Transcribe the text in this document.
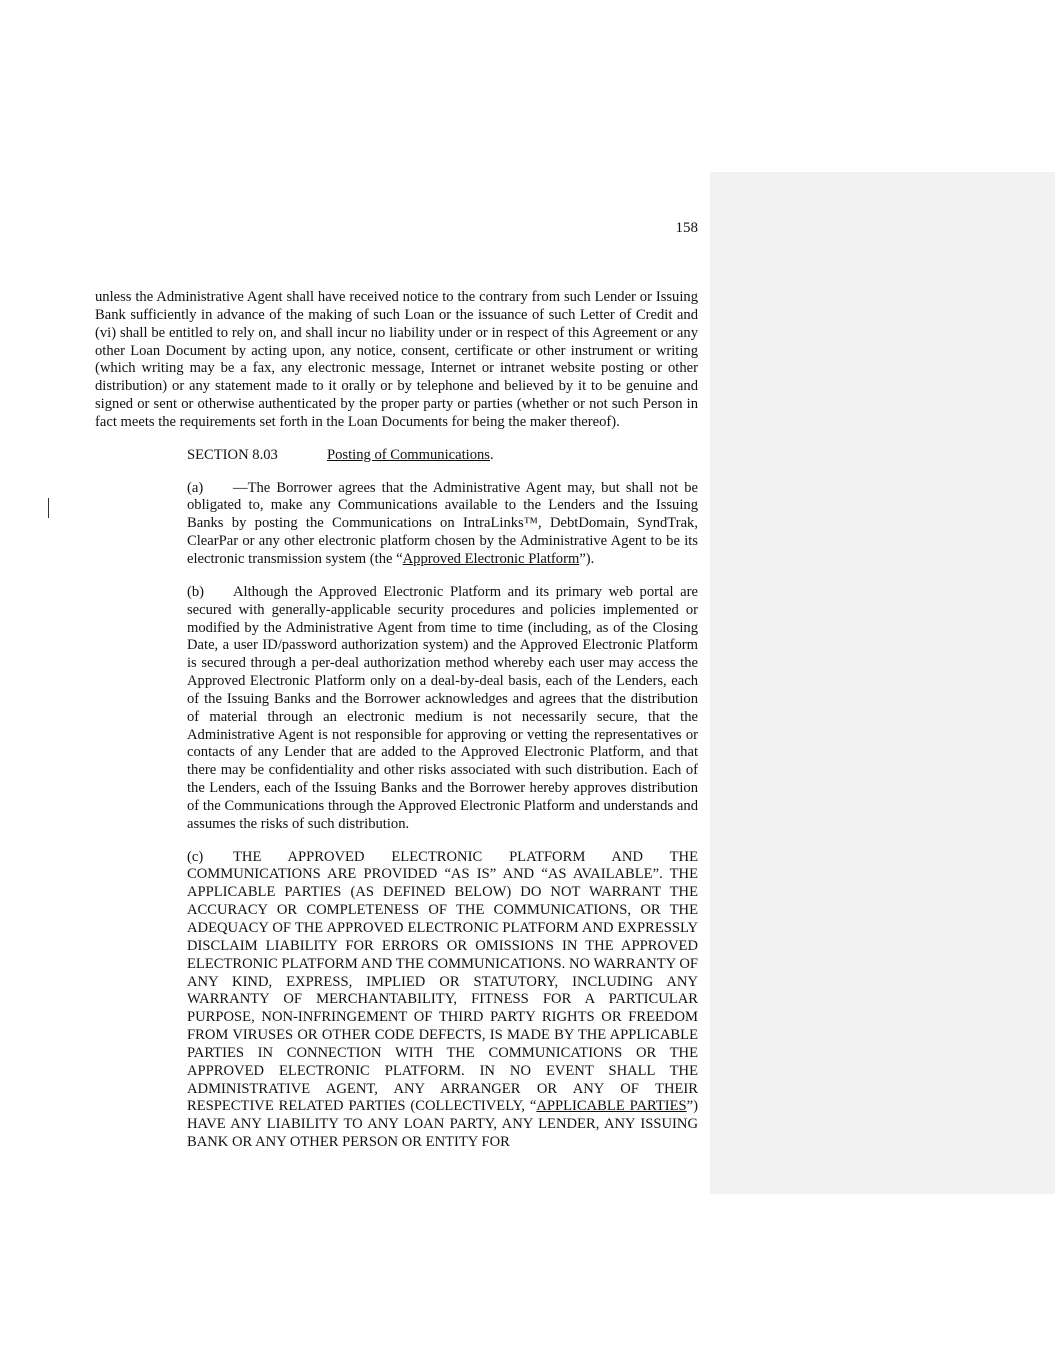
158

unless the Administrative Agent shall have received notice to the contrary from such Lender or Issuing Bank sufficiently in advance of the making of such Loan or the issuance of such Letter of Credit and (vi) shall be entitled to rely on, and shall incur no liability under or in respect of this Agreement or any other Loan Document by acting upon, any notice, consent, certificate or other instrument or writing (which writing may be a fax, any electronic message, Internet or intranet website posting or other distribution) or any statement made to it orally or by telephone and believed by it to be genuine and signed or sent or otherwise authenticated by the proper party or parties (whether or not such Person in fact meets the requirements set forth in the Loan Documents for being the maker thereof).

SECTION 8.03	Posting of Communications.

(a) —The Borrower agrees that the Administrative Agent may, but shall not be obligated to, make any Communications available to the Lenders and the Issuing Banks by posting the Communications on IntraLinks™, DebtDomain, SyndTrak, ClearPar or any other electronic platform chosen by the Administrative Agent to be its electronic transmission system (the “Approved Electronic Platform”).

(b) Although the Approved Electronic Platform and its primary web portal are secured with generally-applicable security procedures and policies implemented or modified by the Administrative Agent from time to time (including, as of the Closing Date, a user ID/password authorization system) and the Approved Electronic Platform is secured through a per-deal authorization method whereby each user may access the Approved Electronic Platform only on a deal-by-deal basis, each of the Lenders, each of the Issuing Banks and the Borrower acknowledges and agrees that the distribution of material through an electronic medium is not necessarily secure, that the Administrative Agent is not responsible for approving or vetting the representatives or contacts of any Lender that are added to the Approved Electronic Platform, and that there may be confidentiality and other risks associated with such distribution. Each of the Lenders, each of the Issuing Banks and the Borrower hereby approves distribution of the Communications through the Approved Electronic Platform and understands and assumes the risks of such distribution.

(c) THE APPROVED ELECTRONIC PLATFORM AND THE COMMUNICATIONS ARE PROVIDED “AS IS” AND “AS AVAILABLE”. THE APPLICABLE PARTIES (AS DEFINED BELOW) DO NOT WARRANT THE ACCURACY OR COMPLETENESS OF THE COMMUNICATIONS, OR THE ADEQUACY OF THE APPROVED ELECTRONIC PLATFORM AND EXPRESSLY DISCLAIM LIABILITY FOR ERRORS OR OMISSIONS IN THE APPROVED ELECTRONIC PLATFORM AND THE COMMUNICATIONS. NO WARRANTY OF ANY KIND, EXPRESS, IMPLIED OR STATUTORY, INCLUDING ANY WARRANTY OF MERCHANTABILITY, FITNESS FOR A PARTICULAR PURPOSE, NON-INFRINGEMENT OF THIRD PARTY RIGHTS OR FREEDOM FROM VIRUSES OR OTHER CODE DEFECTS, IS MADE BY THE APPLICABLE PARTIES IN CONNECTION WITH THE COMMUNICATIONS OR THE APPROVED ELECTRONIC PLATFORM. IN NO EVENT SHALL THE ADMINISTRATIVE AGENT, ANY ARRANGER OR ANY OF THEIR RESPECTIVE RELATED PARTIES (COLLECTIVELY, “APPLICABLE PARTIES”) HAVE ANY LIABILITY TO ANY LOAN PARTY, ANY LENDER, ANY ISSUING BANK OR ANY OTHER PERSON OR ENTITY FOR
